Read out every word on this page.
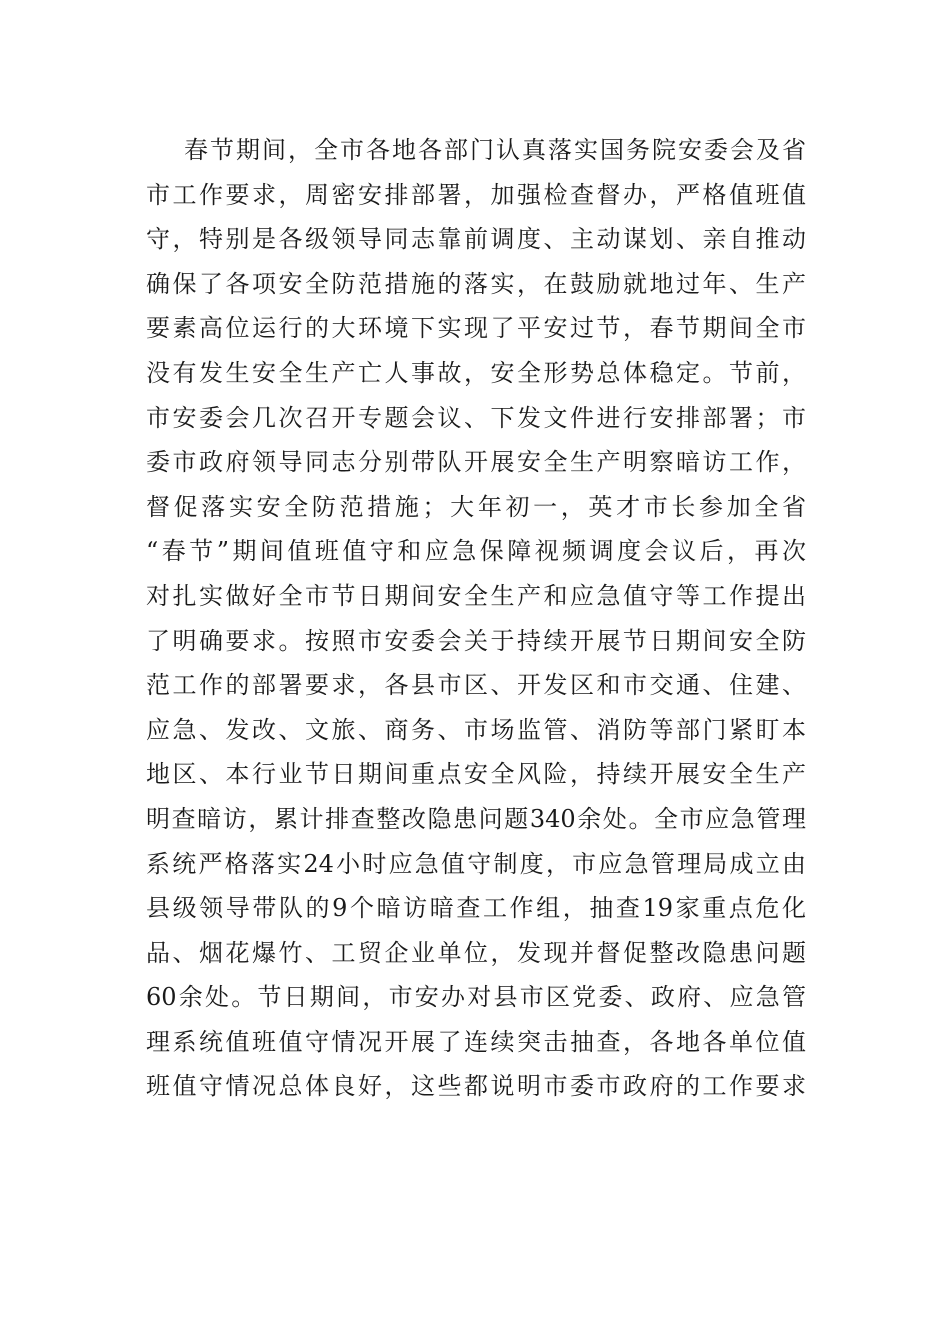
春节期间，全市各地各部门认真落实国务院安委会及省
市工作要求，周密安排部署，加强检查督办，严格值班值
守，特别是各级领导同志靠前调度、主动谋划、亲自推动
确保了各项安全防范措施的落实，在鼓励就地过年、生产
要素高位运行的大环境下实现了平安过节，春节期间全市
没有发生安全生产亡人事故，安全形势总体稳定。节前，
市安委会几次召开专题会议、下发文件进行安排部署；市
委市政府领导同志分别带队开展安全生产明察暗访工作，
督促落实安全防范措施；大年初一，英才市长参加全省
“春节”期间值班值守和应急保障视频调度会议后，再次
对扎实做好全市节日期间安全生产和应急值守等工作提出
了明确要求。按照市安委会关于持续开展节日期间安全防
范工作的部署要求，各县市区、开发区和市交通、住建、
应急、发改、文旅、商务、市场监管、消防等部门紧盯本
地区、本行业节日期间重点安全风险，持续开展安全生产
明查暗访，累计排查整改隐患问题340余处。全市应急管理
系统严格落实24小时应急值守制度，市应急管理局成立由
县级领导带队的9个暗访暗查工作组，抽查19家重点危化
品、烟花爆竹、工贸企业单位，发现并督促整改隐患问题
60余处。节日期间，市安办对县市区党委、政府、应急管
理系统值班值守情况开展了连续突击抽查，各地各单位值
班值守情况总体良好，这些都说明市委市政府的工作要求
